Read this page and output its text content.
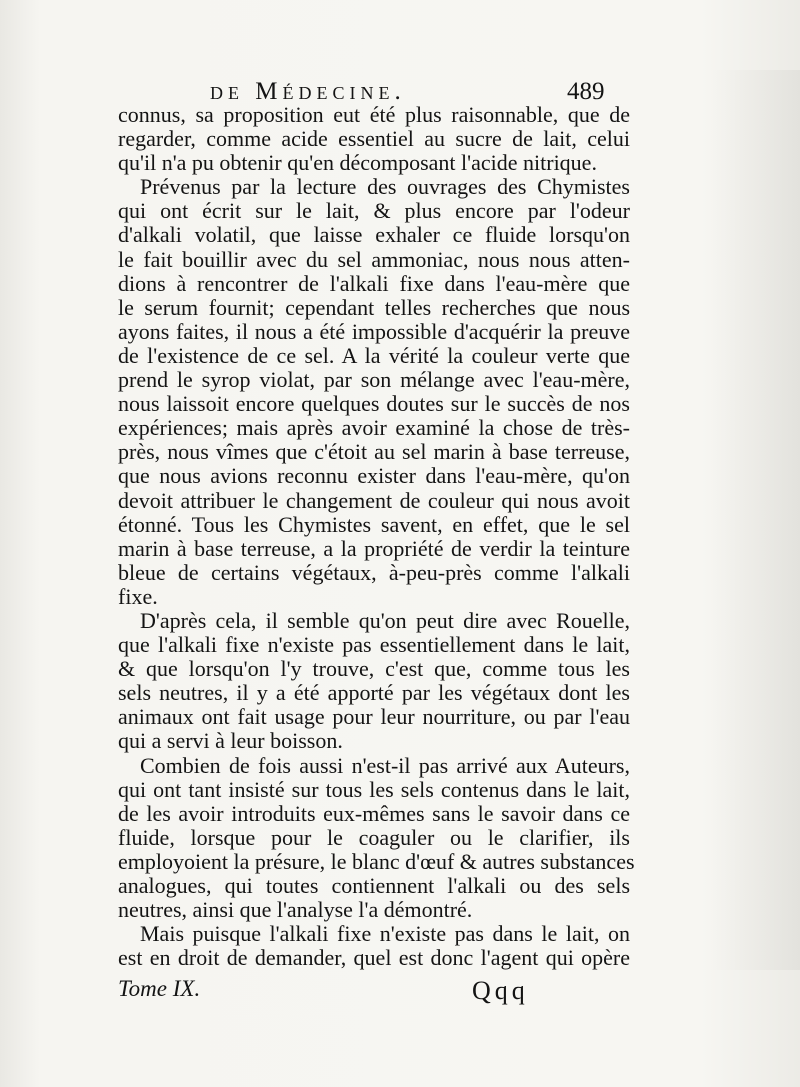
de Médecine.	489
connus, sa proposition eut été plus raisonnable, que de
regarder, comme acide essentiel au sucre de lait, celui
qu'il n'a pu obtenir qu'en décomposant l'acide nitrique.
Prévenus par la lecture des ouvrages des Chymistes
qui ont écrit sur le lait, & plus encore par l'odeur
d'alkali volatil, que laisse exhaler ce fluide lorsqu'on
le fait bouillir avec du sel ammoniac, nous nous atten-
dions à rencontrer de l'alkali fixe dans l'eau-mère que
le serum fournit; cependant telles recherches que nous
ayons faites, il nous a été impossible d'acquérir la preuve
de l'existence de ce sel. A la vérité la couleur verte que
prend le syrop violat, par son mélange avec l'eau-mère,
nous laissoit encore quelques doutes sur le succès de nos
expériences; mais après avoir examiné la chose de très-
près, nous vîmes que c'étoit au sel marin à base terreuse,
que nous avions reconnu exister dans l'eau-mère, qu'on
devoit attribuer le changement de couleur qui nous avoit
étonné. Tous les Chymistes savent, en effet, que le sel
marin à base terreuse, a la propriété de verdir la teinture
bleue de certains végétaux, à-peu-près comme l'alkali
fixe.
D'après cela, il semble qu'on peut dire avec Rouelle,
que l'alkali fixe n'existe pas essentiellement dans le lait,
& que lorsqu'on l'y trouve, c'est que, comme tous les
sels neutres, il y a été apporté par les végétaux dont les
animaux ont fait usage pour leur nourriture, ou par l'eau
qui a servi à leur boisson.
Combien de fois aussi n'est-il pas arrivé aux Auteurs,
qui ont tant insisté sur tous les sels contenus dans le lait,
de les avoir introduits eux-mêmes sans le savoir dans ce
fluide, lorsque pour le coaguler ou le clarifier, ils
employoient la présure, le blanc d'œuf & autres substances
analogues, qui toutes contiennent l'alkali ou des sels
neutres, ainsi que l'analyse l'a démontré.
Mais puisque l'alkali fixe n'existe pas dans le lait, on
est en droit de demander, quel est donc l'agent qui opère
Tome IX.	Qqq
